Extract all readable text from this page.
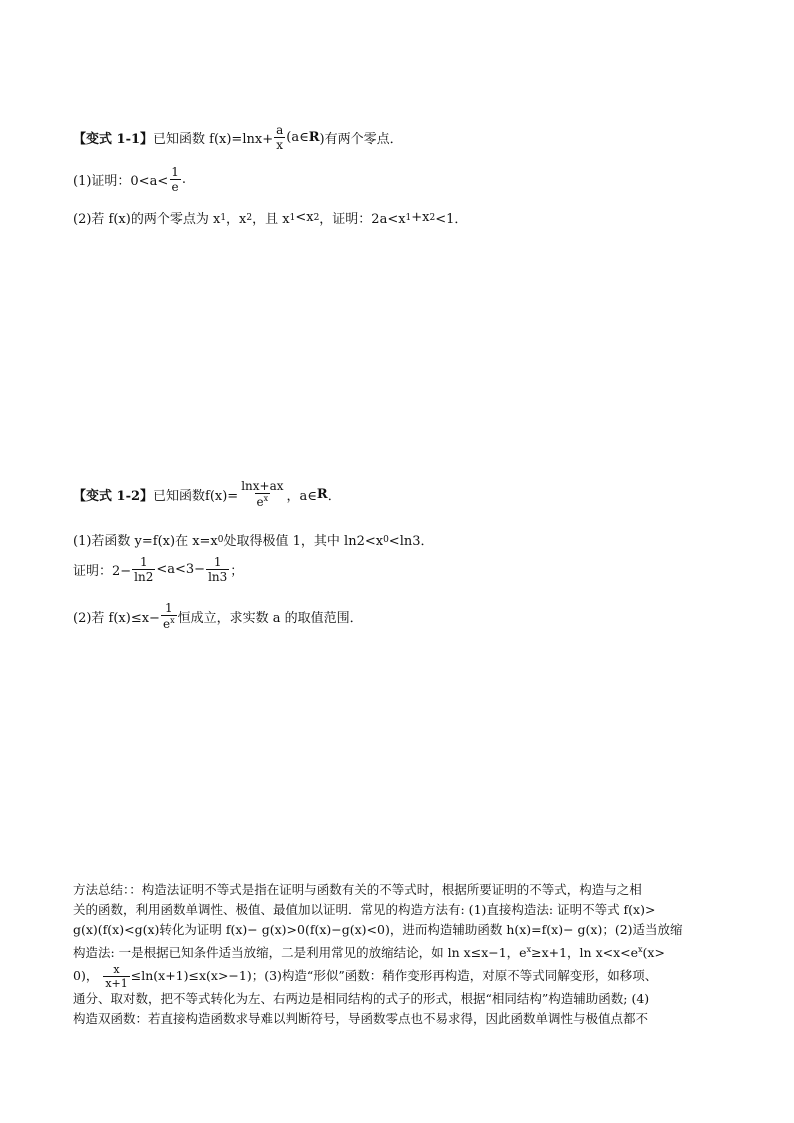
【变式 1-1】 已知函数 $f(x)=\ln x+ \frac{a}{x}$ (a∈ R )有两个零点．
(1)证明：$0<a< \frac{1}{e}$ .
(2)若 f(x)的两个零点为 x 1 ，x 2 ，且 x 1 <x 2 ，证明：2a<x 1 +x 2 <1．
【变式 1-2】 已知函数$f(x)= \frac{\ln x+ax}{e^x}$ ，a∈ R ．
(1)若函数 y=f(x)在 x=x 0 处取得极值 1，其中 ln2<x 0 <ln3．
证明：$2- \frac{1}{\ln 2} <a<3- \frac{1}{\ln 3}$ ；
(2)若 $f(x)\le x- \frac{1}{e^x}$ 恒成立，求实数 a 的取值范围．
方法总结：：构造法证明不等式是指在证明与函数有关的不等式时，根据所要证明的不等式，构造与之相
关的函数，利用函数单调性、极值、最值加以证明．常见的构造方法有: (1)直接构造法: 证明不等式 f(x)>
g(x)(f(x)<g(x)转化为证明 f(x)− g(x)>0(f(x)−g(x)<0)，进而构造辅助函数 h(x)=f(x)− g(x)；(2)适当放缩
构造法: 一是根据已知条件适当放缩，二是利用常见的放缩结论，如 ln x≤x−1，$e^x\ge x+1$，$\ln x<x<e^x(x>$
0)， $\frac{x}{x+1} \le\ln(x+1)\le x(x>-1)$；(3)构造“形似”函数：稍作变形再构造，对原不等式同解变形，如移项、
通分、取对数，把不等式转化为左、右两边是相同结构的式子的形式，根据“相同结构”构造辅助函数; (4)
构造双函数：若直接构造函数求导难以判断符号，导函数零点也不易求得，因此函数单调性与极值点都不
